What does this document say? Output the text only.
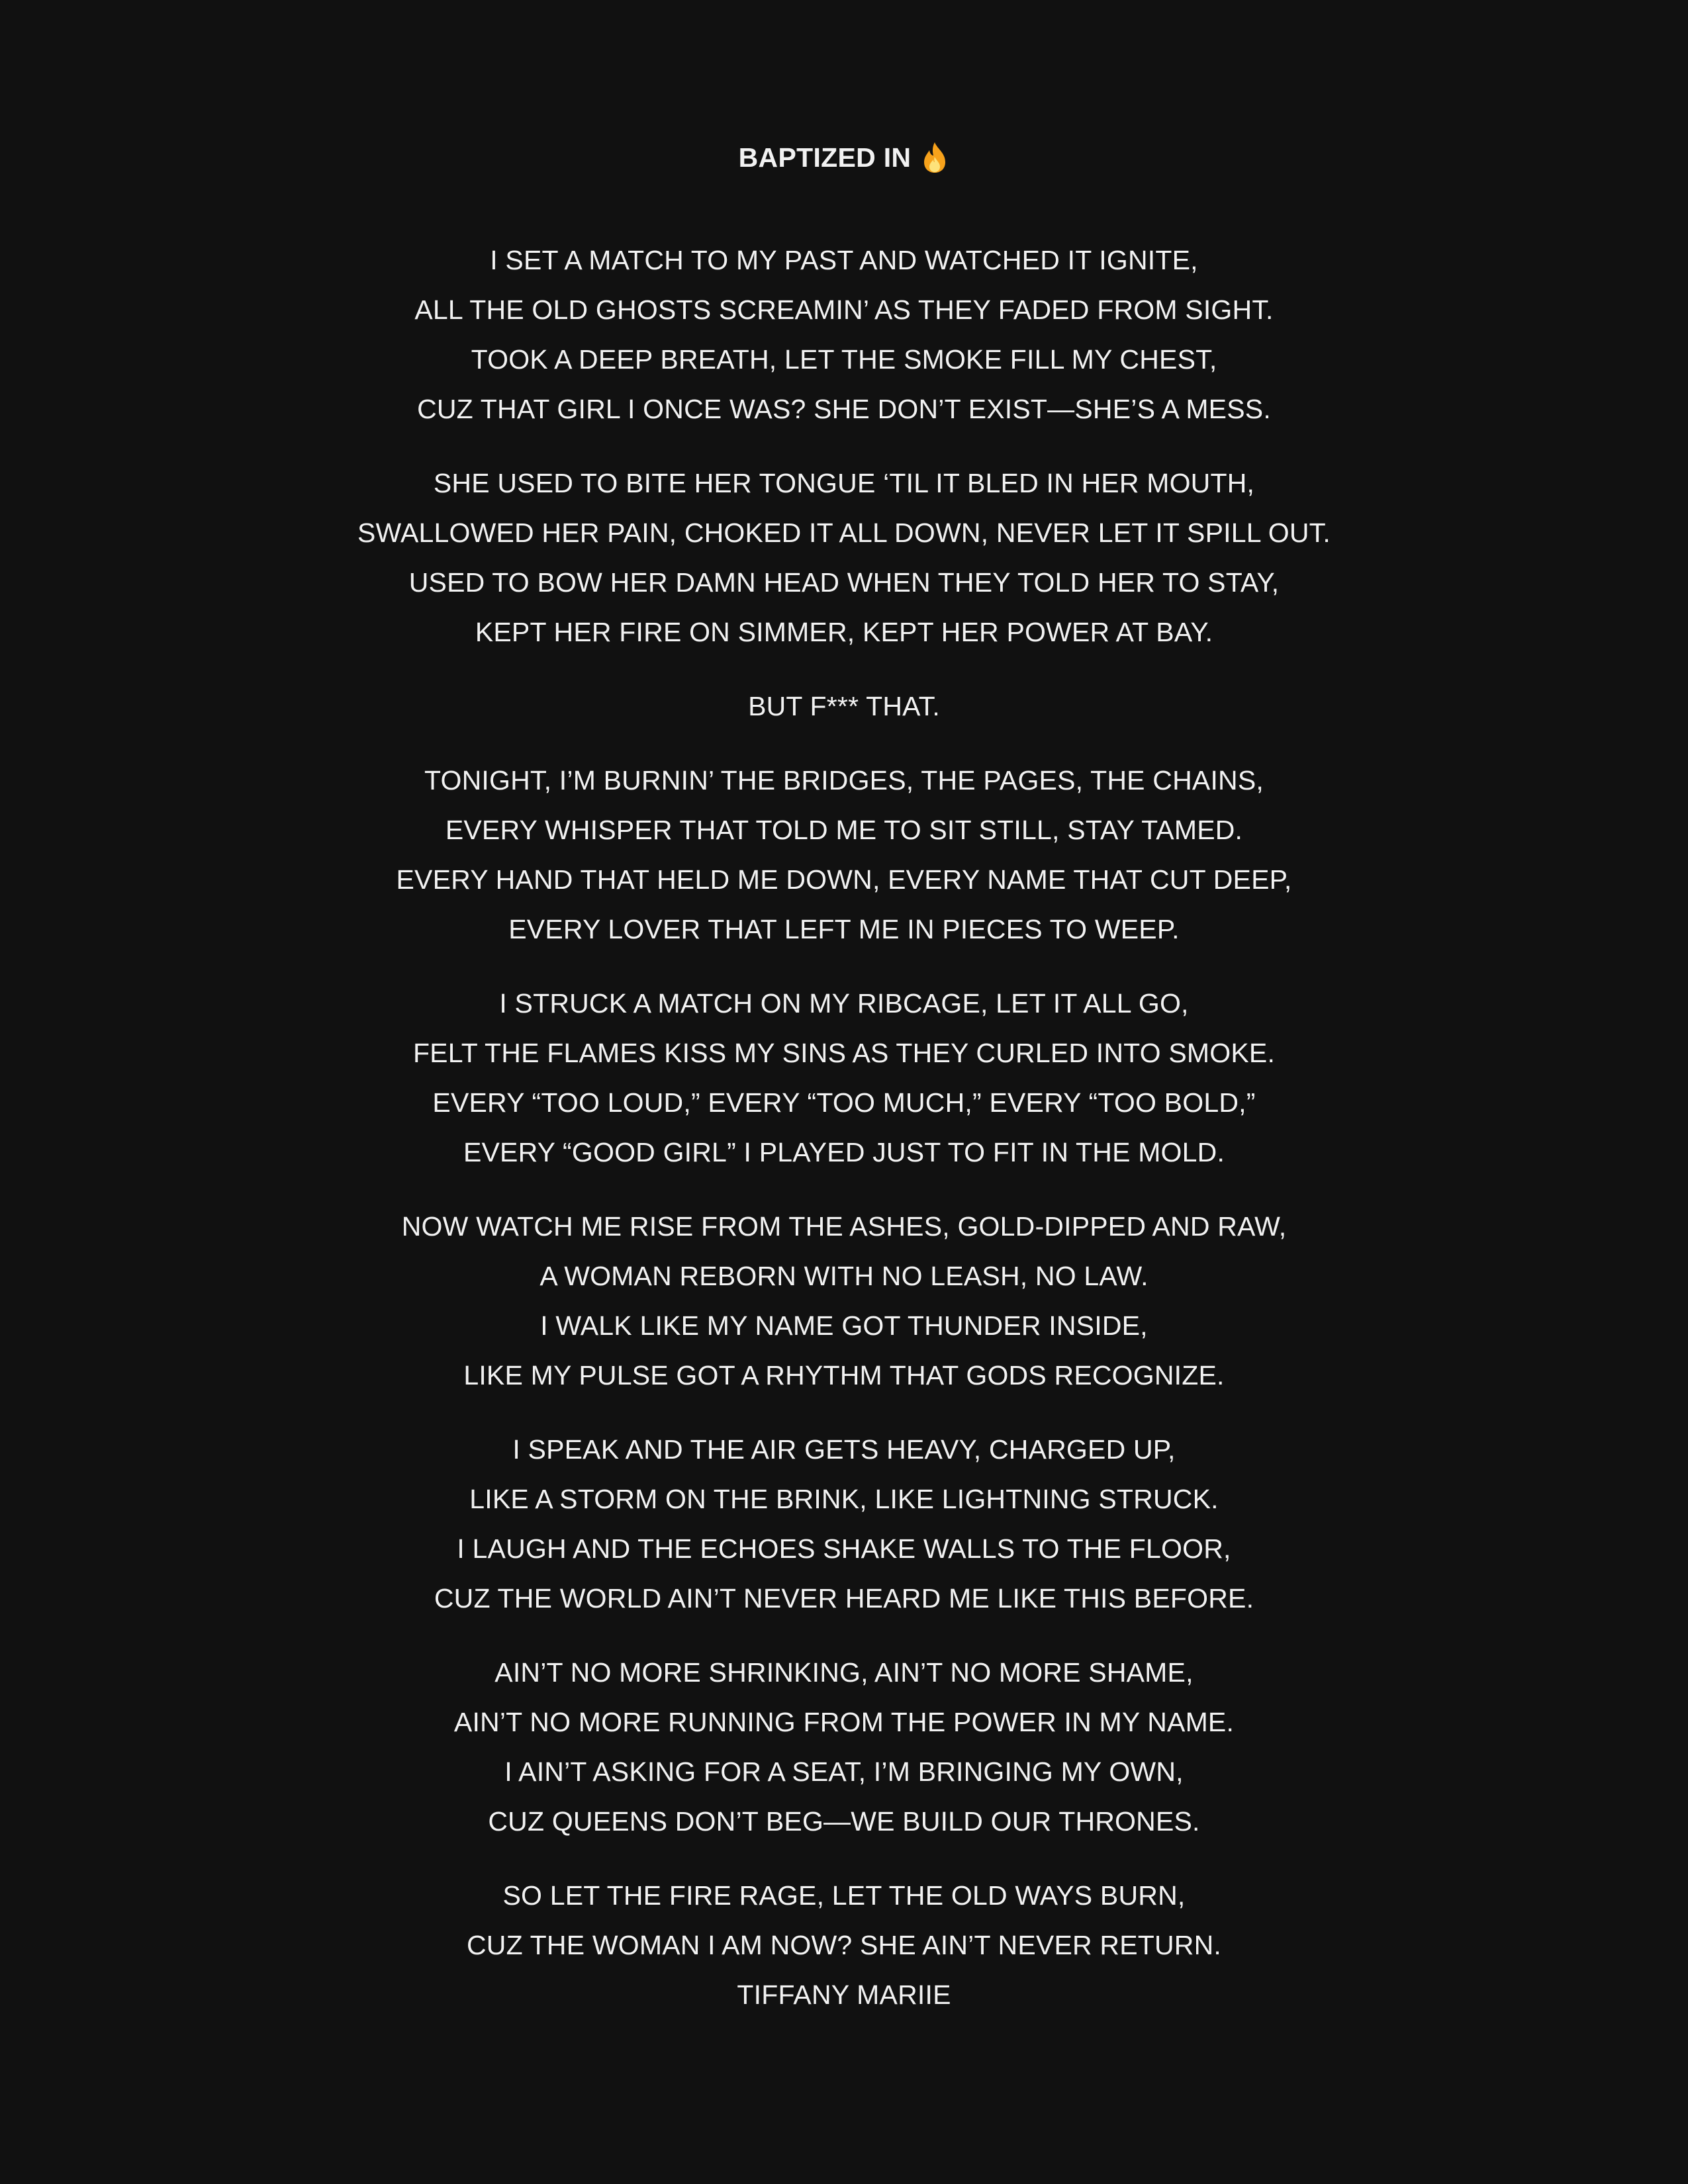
BAPTIZED IN
I SET A MATCH TO MY PAST AND WATCHED IT IGNITE,
ALL THE OLD GHOSTS SCREAMIN’ AS THEY FADED FROM SIGHT.
TOOK A DEEP BREATH, LET THE SMOKE FILL MY CHEST,
CUZ THAT GIRL I ONCE WAS? SHE DON’T EXIST—SHE’S A MESS.
SHE USED TO BITE HER TONGUE ‘TIL IT BLED IN HER MOUTH,
SWALLOWED HER PAIN, CHOKED IT ALL DOWN, NEVER LET IT SPILL OUT.
USED TO BOW HER DAMN HEAD WHEN THEY TOLD HER TO STAY,
KEPT HER FIRE ON SIMMER, KEPT HER POWER AT BAY.
BUT F*** THAT.
TONIGHT, I’M BURNIN’ THE BRIDGES, THE PAGES, THE CHAINS,
EVERY WHISPER THAT TOLD ME TO SIT STILL, STAY TAMED.
EVERY HAND THAT HELD ME DOWN, EVERY NAME THAT CUT DEEP,
EVERY LOVER THAT LEFT ME IN PIECES TO WEEP.
I STRUCK A MATCH ON MY RIBCAGE, LET IT ALL GO,
FELT THE FLAMES KISS MY SINS AS THEY CURLED INTO SMOKE.
EVERY “TOO LOUD,” EVERY “TOO MUCH,” EVERY “TOO BOLD,”
EVERY “GOOD GIRL” I PLAYED JUST TO FIT IN THE MOLD.
NOW WATCH ME RISE FROM THE ASHES, GOLD-DIPPED AND RAW,
A WOMAN REBORN WITH NO LEASH, NO LAW.
I WALK LIKE MY NAME GOT THUNDER INSIDE,
LIKE MY PULSE GOT A RHYTHM THAT GODS RECOGNIZE.
I SPEAK AND THE AIR GETS HEAVY, CHARGED UP,
LIKE A STORM ON THE BRINK, LIKE LIGHTNING STRUCK.
I LAUGH AND THE ECHOES SHAKE WALLS TO THE FLOOR,
CUZ THE WORLD AIN’T NEVER HEARD ME LIKE THIS BEFORE.
AIN’T NO MORE SHRINKING, AIN’T NO MORE SHAME,
AIN’T NO MORE RUNNING FROM THE POWER IN MY NAME.
I AIN’T ASKING FOR A SEAT, I’M BRINGING MY OWN,
CUZ QUEENS DON’T BEG—WE BUILD OUR THRONES.
SO LET THE FIRE RAGE, LET THE OLD WAYS BURN,
CUZ THE WOMAN I AM NOW? SHE AIN’T NEVER RETURN.
TIFFANY MARIIE
